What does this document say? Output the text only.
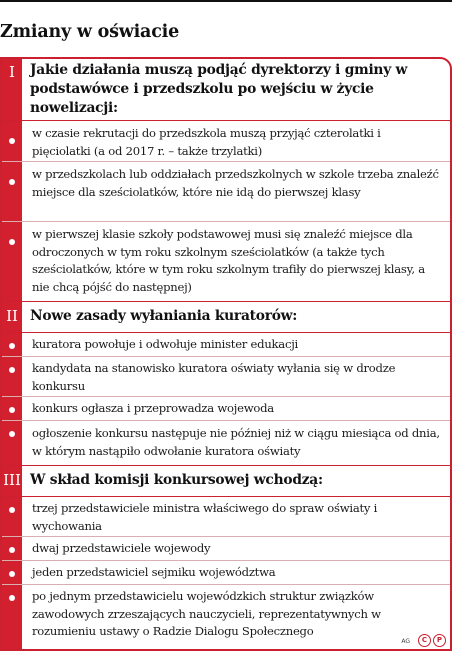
Zmiany w oświacie
I	Jakie działania muszą podjąć dyrektorzy i gminy w podstawówce i przedszkolu po wejściu w życie nowelizacji:
w czasie rekrutacji do przedszkola muszą przyjąć czterolatki i pięciolatki (a od 2017 r. – także trzylatki)
w przedszkolach lub oddziałach przedszkolnych w szkole trzeba znaleźć miejsce dla sześciolatków, które nie idą do pierwszej klasy
w pierwszej klasie szkoły podstawowej musi się znaleźć miejsce dla odroczonych w tym roku szkolnym sześciolatków (a także tych sześciolatków, które w tym roku szkolnym trafiły do pierwszej klasy, a nie chcą pójść do następnej)
II Nowe zasady wyłaniania kuratorów:
kuratora powołuje i odwołuje minister edukacji
kandydata na stanowisko kuratora oświaty wyłania się w drodze konkursu
konkurs ogłasza i przeprowadza wojewoda
ogłoszenie konkursu następuje nie później niż w ciągu miesiąca od dnia, w którym nastąpiło odwołanie kuratora oświaty
III W skład komisji konkursowej wchodzą:
trzej przedstawiciele ministra właściwego do spraw oświaty i wychowania
dwaj przedstawiciele wojewody
jeden przedstawiciel sejmiku województwa
po jednym przedstawicielu wojewódzkich struktur związków zawodowych zrzeszających nauczycieli, reprezentatywnych w rozumieniu ustawy o Radzie Dialogu Społecznego
AG	C	P
